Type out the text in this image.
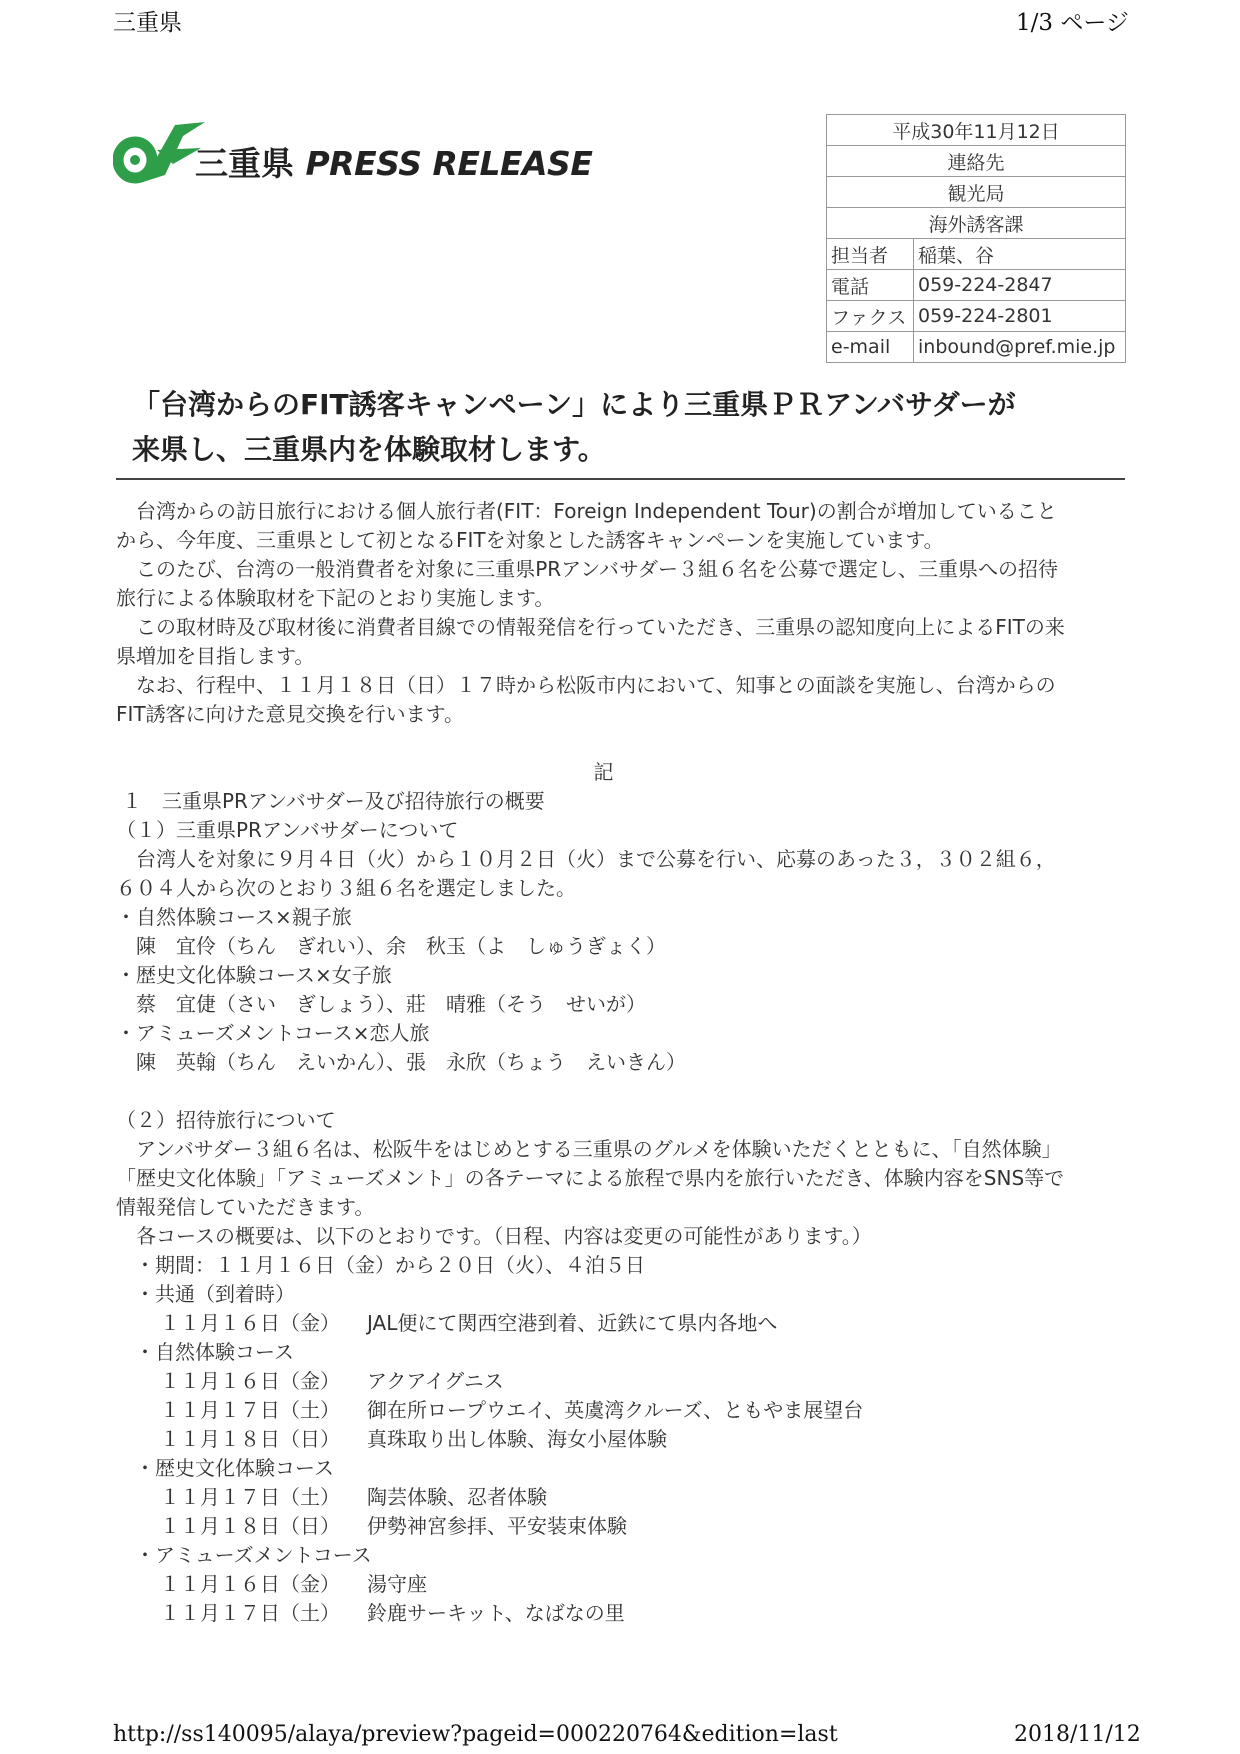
三重県	1/3 ページ
三重県 PRESS RELEASE
平成30年11月12日	
連絡先	
観光局	
海外誘客課	
担当者	稲葉、谷
電話	059-224-2847
ファクス	059-224-2801
e-mail	inbound@pref.mie.jp
「台湾からのFIT誘客キャンペーン」により三重県ＰＲアンバサダーが
来県し、三重県内を体験取材します。

　台湾からの訪日旅行における個人旅行者(FIT：Foreign Independent Tour)の割合が増加していること

から、今年度、三重県として初となるFITを対象とした誘客キャンペーンを実施しています。

　このたび、台湾の一般消費者を対象に三重県PRアンバサダー３組６名を公募で選定し、三重県への招待

旅行による体験取材を下記のとおり実施します。

　この取材時及び取材後に消費者目線での情報発信を行っていただき、三重県の認知度向上によるFITの来

県増加を目指します。

　なお、行程中、１１月１８日（日）１７時から松阪市内において、知事との面談を実施し、台湾からの

FIT誘客に向けた意見交換を行います。

記

１　三重県PRアンバサダー及び招待旅行の概要

（１）三重県PRアンバサダーについて

　台湾人を対象に９月４日（火）から１０月２日（火）まで公募を行い、応募のあった３，３０２組６，

６０４人から次のとおり３組６名を選定しました。

・自然体験コース×親子旅

　陳　宜伶（ちん　ぎれい）、余　秋玉（よ　しゅうぎょく）

・歴史文化体験コース×女子旅

　蔡　宜倢（さい　ぎしょう）、莊　晴雅（そう　せいが）

・アミューズメントコース×恋人旅

　陳　英翰（ちん　えいかん）、張　永欣（ちょう　えいきん）

（２）招待旅行について

　アンバサダー３組６名は、松阪牛をはじめとする三重県のグルメを体験いただくとともに、「自然体験」

「歴史文化体験」「アミューズメント」の各テーマによる旅程で県内を旅行いただき、体験内容をSNS等で

情報発信していただきます。

　各コースの概要は、以下のとおりです。（日程、内容は変更の可能性があります。）

・期間：１１月１６日（金）から２０日（火）、４泊５日

・共通（到着時）

１１月１６日（金）	JAL便にて関西空港到着、近鉄にて県内各地へ

・自然体験コース

１１月１６日（金）	アクアイグニス
１１月１７日（土）	御在所ロープウエイ、英虞湾クルーズ、ともやま展望台
１１月１８日（日）	真珠取り出し体験、海女小屋体験

・歴史文化体験コース

１１月１７日（土）	陶芸体験、忍者体験
１１月１８日（日）	伊勢神宮参拝、平安装束体験

・アミューズメントコース

１１月１６日（金）	湯守座
１１月１７日（土）	鈴鹿サーキット、なばなの里
http://ss140095/alaya/preview?pageid=000220764&edition=last	2018/11/12
